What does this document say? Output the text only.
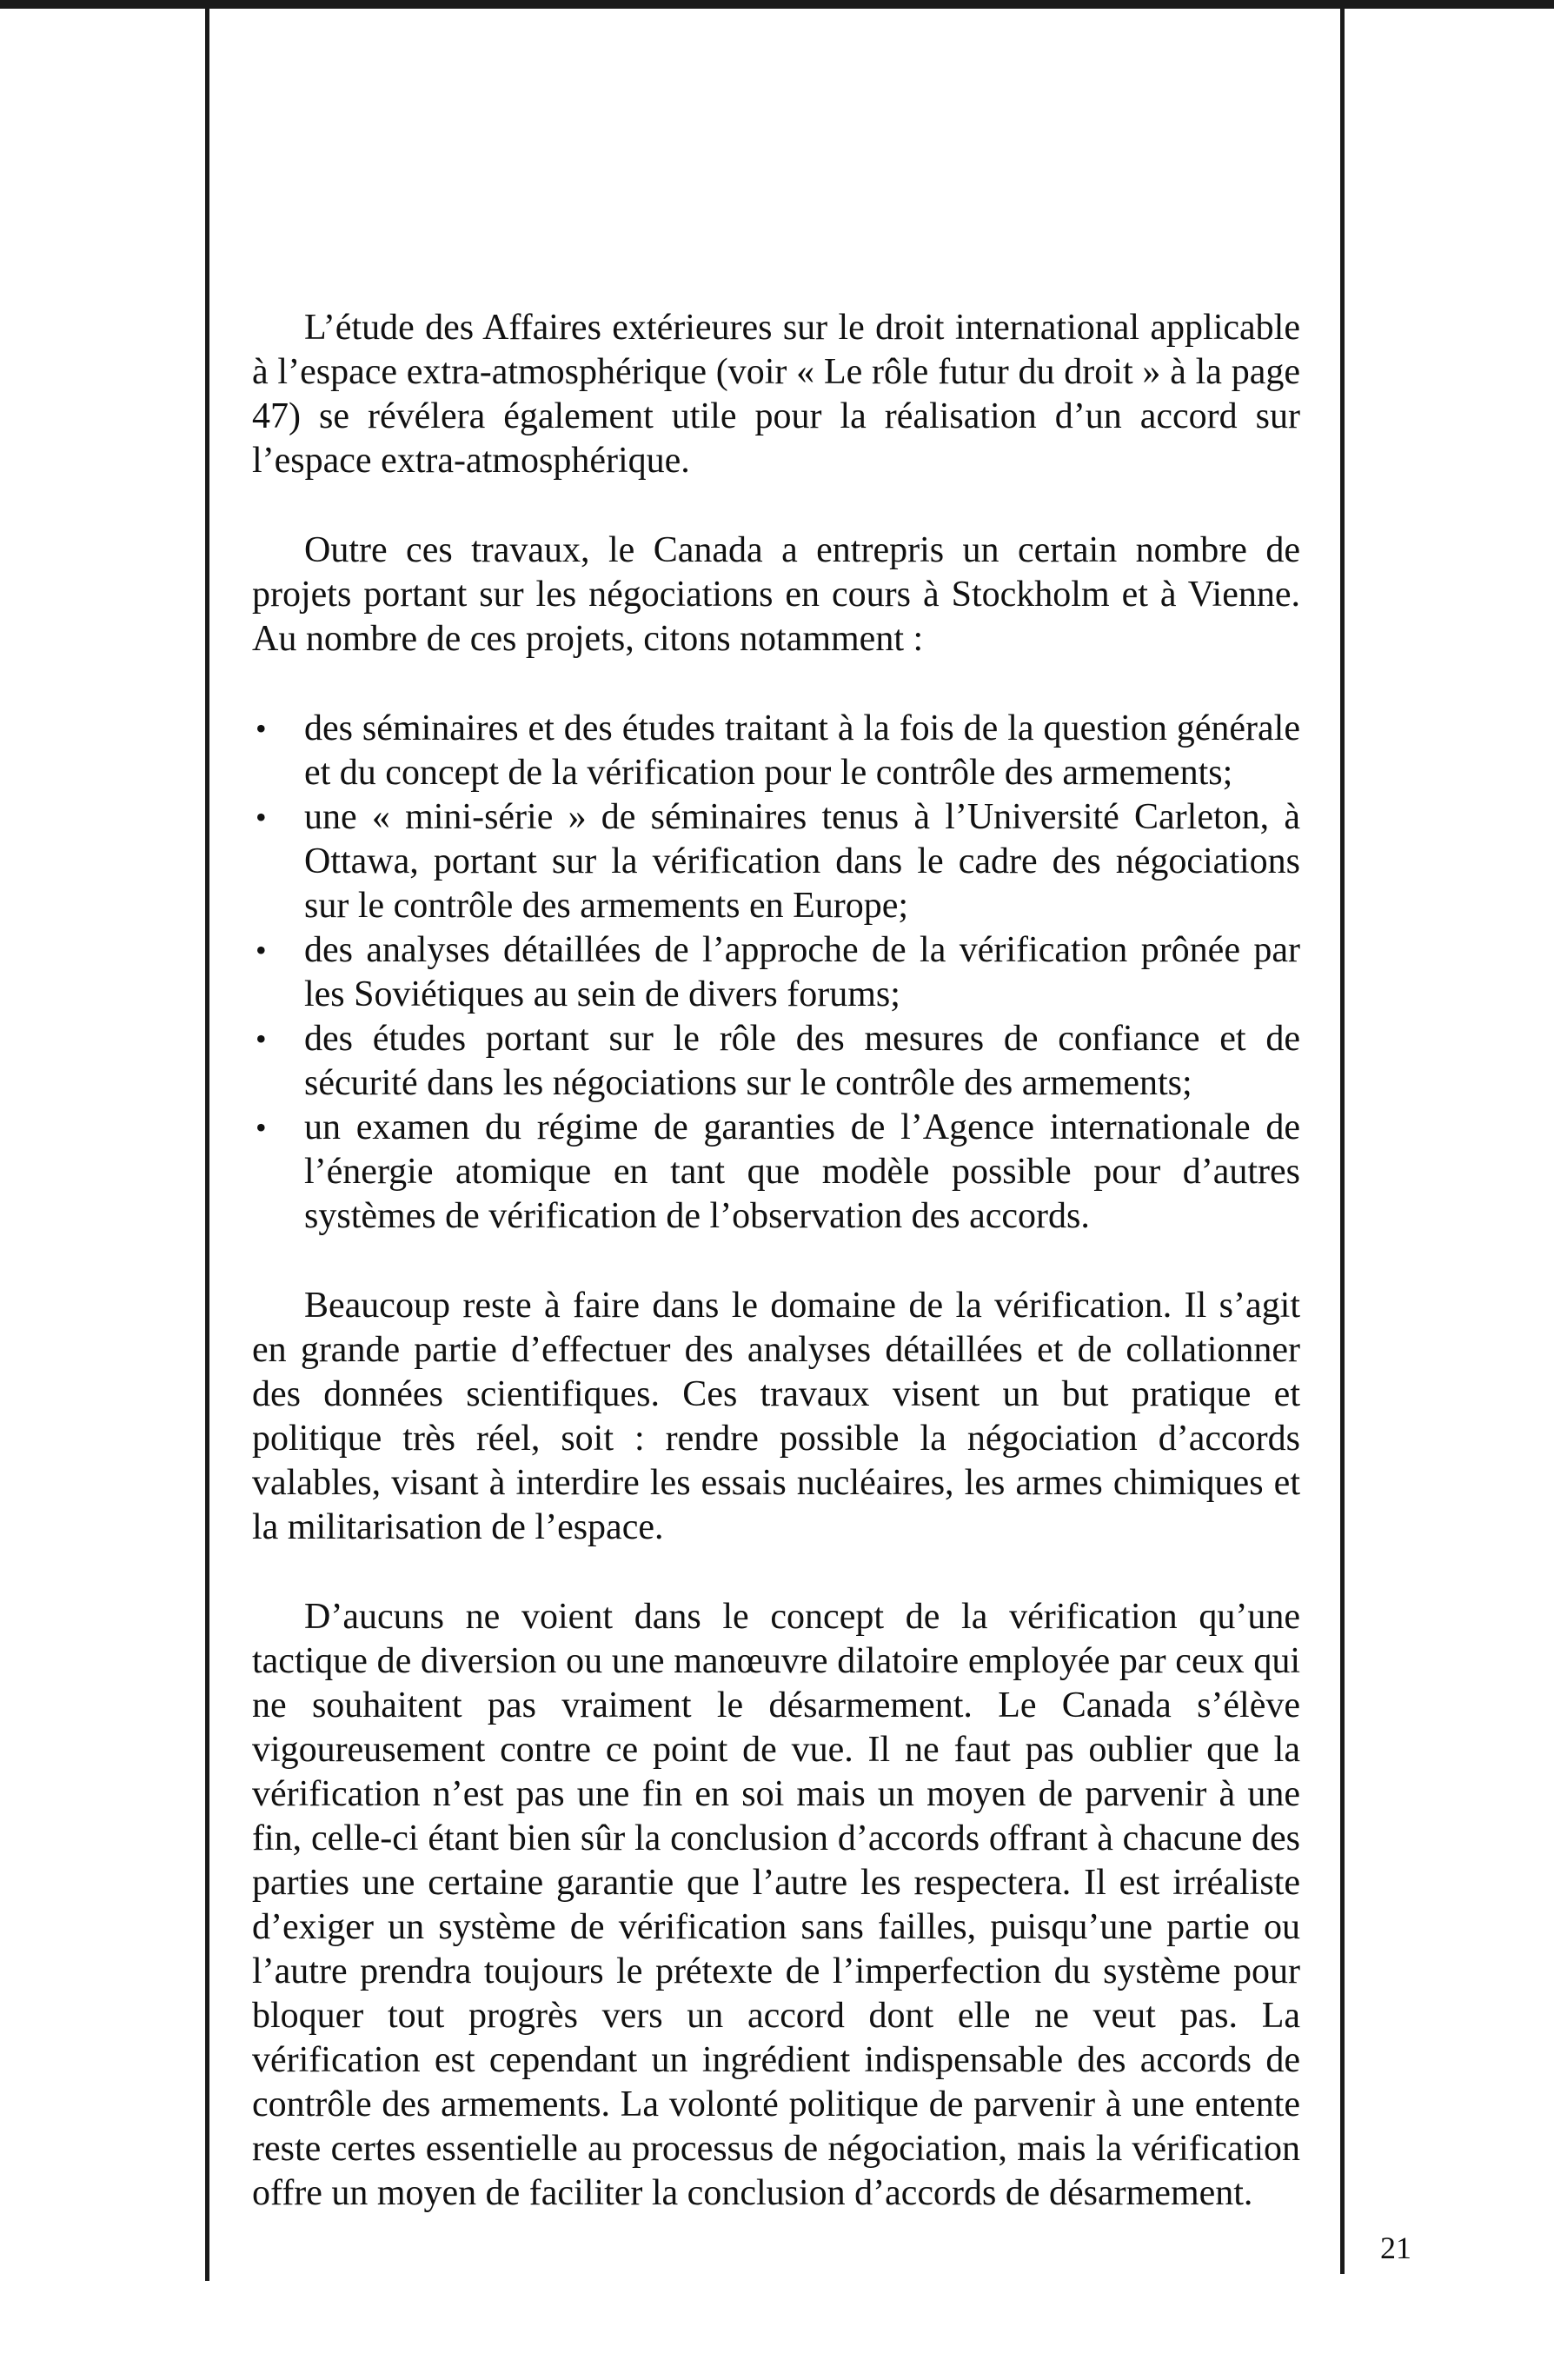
L’étude des Affaires extérieures sur le droit international applicable à l’espace extra-atmosphérique (voir « Le rôle futur du droit » à la page 47) se révélera également utile pour la réalisation d’un accord sur l’espace extra-atmosphérique.

Outre ces travaux, le Canada a entrepris un certain nombre de projets portant sur les négociations en cours à Stockholm et à Vienne. Au nombre de ces projets, citons notamment :

• des séminaires et des études traitant à la fois de la question générale et du concept de la vérification pour le contrôle des armements;
• une « mini-série » de séminaires tenus à l’Université Carleton, à Ottawa, portant sur la vérification dans le cadre des négociations sur le contrôle des armements en Europe;
• des analyses détaillées de l’approche de la vérification prônée par les Soviétiques au sein de divers forums;
• des études portant sur le rôle des mesures de confiance et de sécurité dans les négociations sur le contrôle des armements;
• un examen du régime de garanties de l’Agence internationale de l’énergie atomique en tant que modèle possible pour d’autres systèmes de vérification de l’observation des accords.

Beaucoup reste à faire dans le domaine de la vérification. Il s’agit en grande partie d’effectuer des analyses détaillées et de collationner des données scientifiques. Ces travaux visent un but pratique et politique très réel, soit : rendre possible la négociation d’accords valables, visant à interdire les essais nucléaires, les armes chimiques et la militarisation de l’espace.

D’aucuns ne voient dans le concept de la vérification qu’une tactique de diversion ou une manœuvre dilatoire employée par ceux qui ne souhaitent pas vraiment le désarmement. Le Canada s’élève vigoureusement contre ce point de vue. Il ne faut pas oublier que la vérification n’est pas une fin en soi mais un moyen de parvenir à une fin, celle-ci étant bien sûr la conclusion d’accords offrant à chacune des parties une certaine garantie que l’autre les respectera. Il est irréaliste d’exiger un système de vérification sans failles, puisqu’une partie ou l’autre prendra toujours le prétexte de l’imperfection du système pour bloquer tout progrès vers un accord dont elle ne veut pas. La vérification est cependant un ingrédient indispensable des accords de contrôle des armements. La volonté politique de parvenir à une entente reste certes essentielle au processus de négociation, mais la vérification offre un moyen de faciliter la conclusion d’accords de désarmement.

21
